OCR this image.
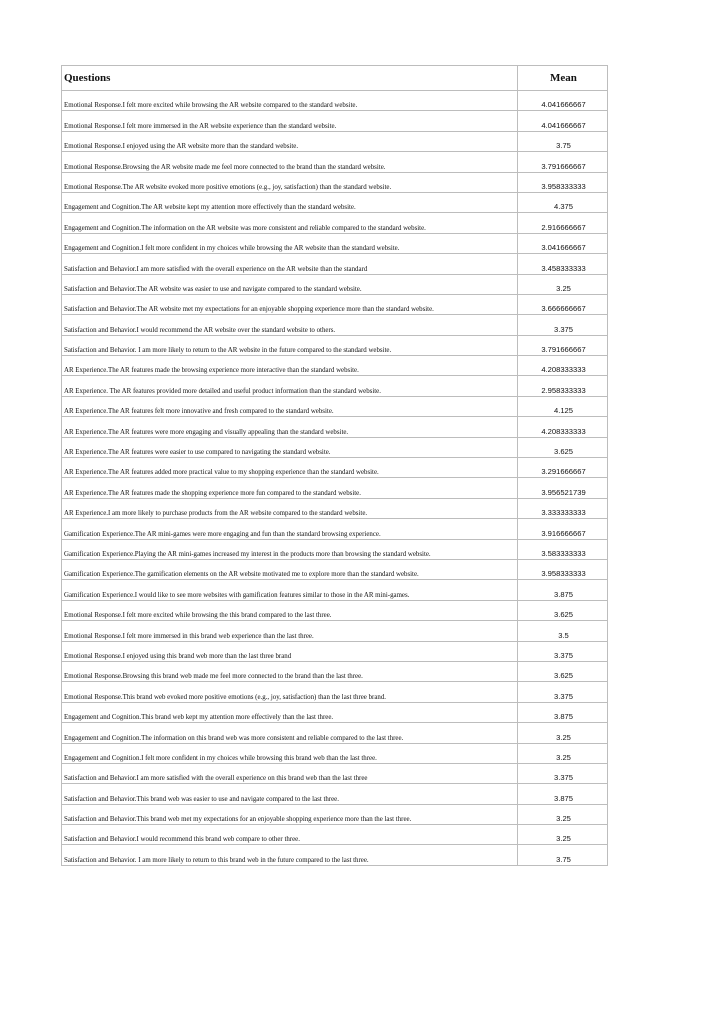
Questions	Mean
Emotional Response.I felt more excited while browsing the AR website compared to the standard website.	4.041666667
Emotional Response.I felt more immersed in the AR website experience than the standard website.	4.041666667
Emotional Response.I enjoyed using the AR website more than the standard website.	3.75
Emotional Response.Browsing the AR website made me feel more connected to the brand than the standard website.	3.791666667
Emotional Response.The AR website evoked more positive emotions (e.g., joy, satisfaction) than the standard website.	3.958333333
Engagement and Cognition.The AR website kept my attention more effectively than the standard website.	4.375
Engagement and Cognition.The information on the AR website was more consistent and reliable compared to the standard website.	2.916666667
Engagement and Cognition.I felt more confident in my choices while browsing the AR website than the standard website.	3.041666667
Satisfaction and Behavior.I am more satisfied with the overall experience on the AR website than the standard	3.458333333
Satisfaction and Behavior.The AR website was easier to use and navigate compared to the standard website.	3.25
Satisfaction and Behavior.The AR website met my expectations for an enjoyable shopping experience more than the standard website.	3.666666667
Satisfaction and Behavior.I would recommend the AR website over the standard website to others.	3.375
Satisfaction and Behavior. I am more likely to return to the AR website in the future compared to the standard website.	3.791666667
AR Experience.The AR features made the browsing experience more interactive than the standard website.	4.208333333
AR Experience. The AR features provided more detailed and useful product information than the standard website.	2.958333333
AR Experience.The AR features felt more innovative and fresh compared to the standard website.	4.125
AR Experience.The AR features were more engaging and visually appealing than the standard website.	4.208333333
AR Experience.The AR features were easier to use compared to navigating the standard website.	3.625
AR Experience.The AR features added more practical value to my shopping experience than the standard website.	3.291666667
AR Experience.The AR features made the shopping experience more fun compared to the standard website.	3.956521739
AR Experience.I am more likely to purchase products from the AR website compared to the standard website.	3.333333333
Gamification Experience.The AR mini-games were more engaging and fun than the standard browsing experience.	3.916666667
Gamification Experience.Playing the AR mini-games increased my interest in the products more than browsing the standard website.	3.583333333
Gamification Experience.The gamification elements on the AR website motivated me to explore more than the standard website.	3.958333333
Gamification Experience.I would like to see more websites with gamification features similar to those in the AR mini-games.	3.875
Emotional Response.I felt more excited while browsing the this brand compared to the last three.	3.625
Emotional Response.I felt more immersed in this brand web experience than the last three.	3.5
Emotional Response.I enjoyed using this brand web more than the last three brand	3.375
Emotional Response.Browsing this brand web made me feel more connected to the brand than the last three.	3.625
Emotional Response.This brand web evoked more positive emotions (e.g., joy, satisfaction) than the last three brand.	3.375
Engagement and Cognition.This brand web kept my attention more effectively than the last three.	3.875
Engagement and Cognition.The information on this brand web was more consistent and reliable compared to the last three.	3.25
Engagement and Cognition.I felt more confident in my choices while browsing this brand web than the last three.	3.25
Satisfaction and Behavior.I am more satisfied with the overall experience on this brand web than the last three	3.375
Satisfaction and Behavior.This brand web was easier to use and navigate compared to the last three.	3.875
Satisfaction and Behavior.This brand web met my expectations for an enjoyable shopping experience more than the last three.	3.25
Satisfaction and Behavior.I would recommend this brand web compare to other three.	3.25
Satisfaction and Behavior. I am more likely to return to this brand web in the future compared to the last three.	3.75
